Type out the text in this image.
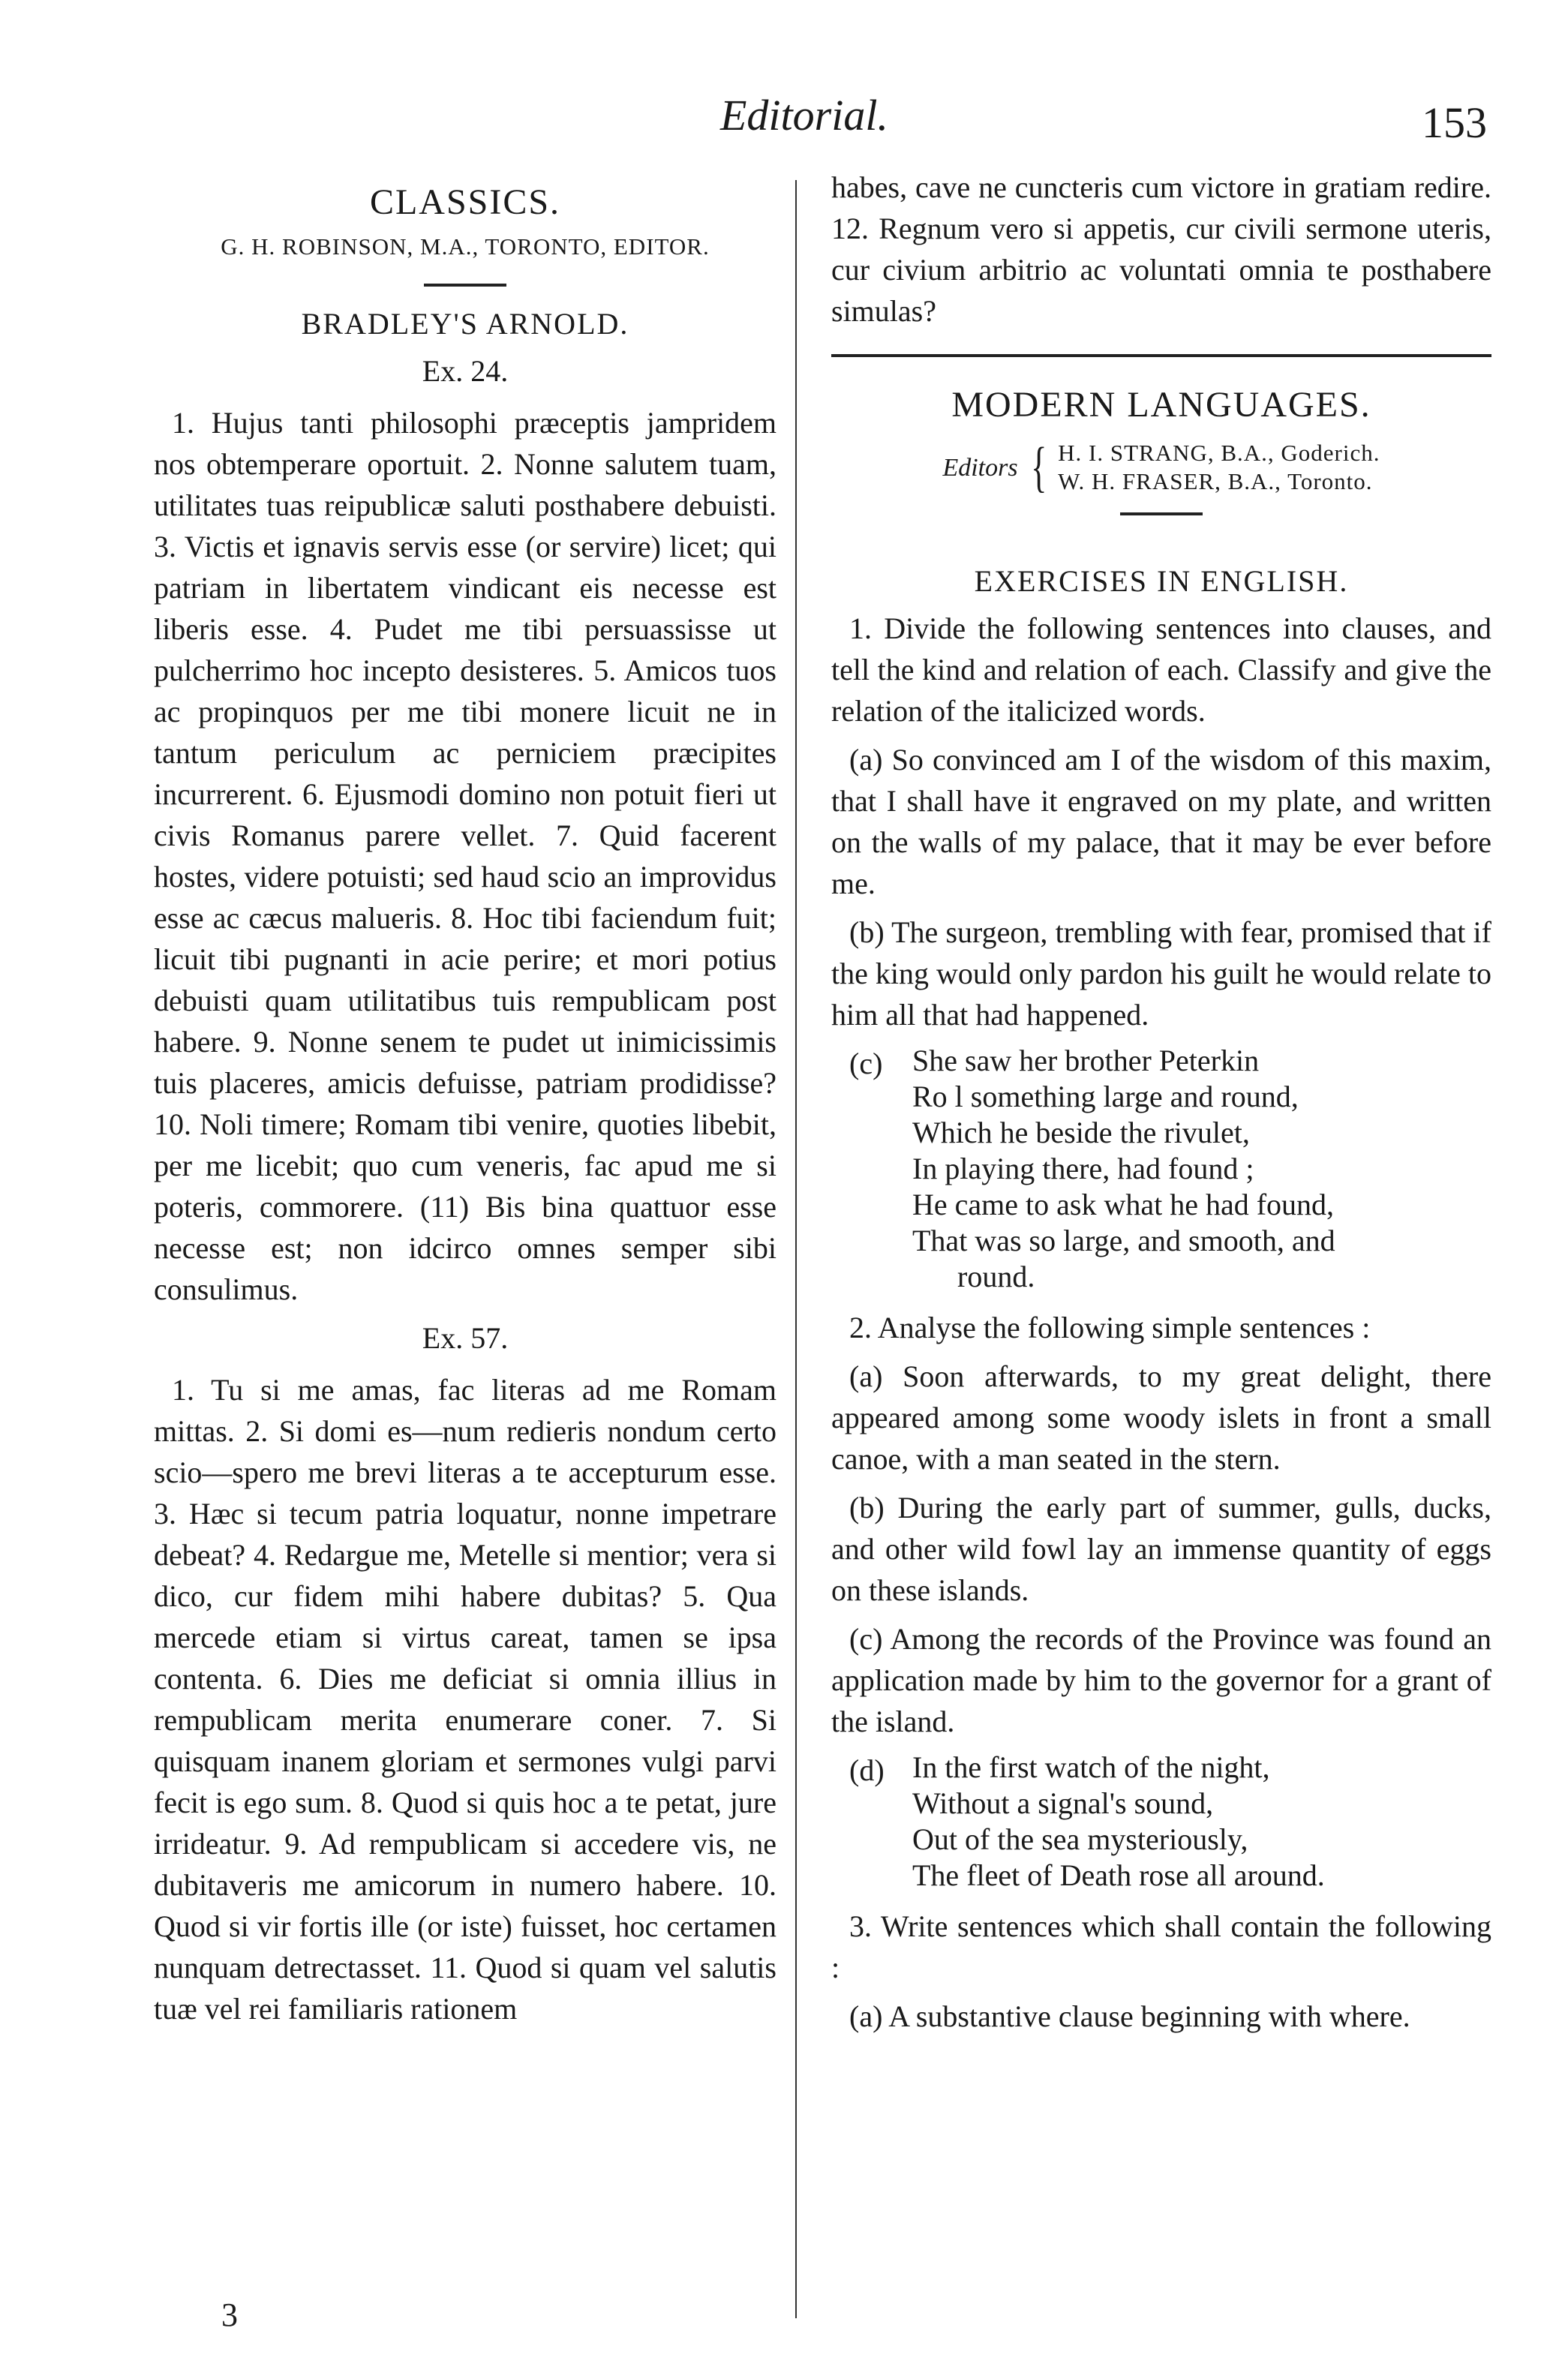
Editorial.	153
CLASSICS.
G. H. ROBINSON, M.A., TORONTO, EDITOR.
BRADLEY'S ARNOLD.
Ex. 24.

1. Hujus tanti philosophi præceptis jampridem nos obtemperare oportuit. 2. Nonne salutem tuam, utilitates tuas reipublicæ saluti posthabere debuisti. 3. Victis et ignavis servis esse (or servire) licet; qui patriam in libertatem vindicant eis necesse est liberis esse. 4. Pudet me tibi persuassisse ut pulcherrimo hoc incepto desisteres. 5. Amicos tuos ac propinquos per me tibi monere licuit ne in tantum periculum ac perniciem præcipites incurrerent. 6. Ejusmodi domino non potuit fieri ut civis Romanus parere vellet. 7. Quid facerent hostes, videre potuisti; sed haud scio an improvidus esse ac cæcus maluеris. 8. Hoc tibi faciendum fuit; licuit tibi pugnanti in acie perire; et mori potius debuisti quam utilitatibus tuis rempublicam post habere. 9. Nonne senem te pudet ut inimicissimis tuis placeres, amicis defuisse, patriam prodidisse? 10. Noli timere; Romam tibi venire, quoties libebit, per me licebit; quo cum veneris, fac apud me si poteris, commorere. (11) Bis bina quattuor esse necesse est; non idcirco omnes semper sibi consulimus.

Ex. 57.

1. Tu si me amas, fac literas ad me Romam mittas. 2. Si domi es—num redieris nondum certo scio—spero me brevi literas a te accepturum esse. 3. Hæc si tecum patria loquatur, nonne impetrare debeat? 4. Redargue me, Metelle si mentior; vera si dico, cur fidem mihi habere dubitas? 5. Qua mercede etiam si virtus careat, tamen se ipsa contenta. 6. Dies me deficiat si omnia illius in rempublicam merita enumerare coner. 7. Si quisquam inanem gloriam et sermones vulgi parvi fecit is ego sum. 8. Quod si quis hoc a te petat, jure irrideatur. 9. Ad rempublicam si accedere vis, ne dubitaveris me amicorum in numero habere. 10. Quod si vir fortis ille (or iste) fuisset, hoc certamen nunquam detrectasset. 11. Quod si quam vel salutis tuæ vel rei familiaris rationem

habes, cave ne cuncteris cum victore in gratiam redire. 12. Regnum vero si appetis, cur civili sermone uteris, cur civium arbitrio ac voluntati omnia te posthabere simulas?

MODERN LANGUAGES.
Editors { H. I. STRANG, B.A., Goderich.
W. H. FRASER, B.A., Toronto.
EXERCISES IN ENGLISH.

1. Divide the following sentences into clauses, and tell the kind and relation of each. Classify and give the relation of the italicized words.

(a) So convinced am I of the wisdom of this maxim, that I shall have it engraved on my plate, and written on the walls of my palace, that it may be ever before me.

(b) The surgeon, trembling with fear, promised that if the king would only pardon his guilt he would relate to him all that had happened.

(c) She saw her brother Peterkin
Ro l something large and round,
Which he beside the rivulet,
In playing there, had found ;
He came to ask what he had found,
That was so large, and smooth, and
round.

2. Analyse the following simple sentences :

(a) Soon afterwards, to my great delight, there appeared among some woody islets in front a small canoe, with a man seated in the stern.

(b) During the early part of summer, gulls, ducks, and other wild fowl lay an immense quantity of eggs on these islands.

(c) Among the records of the Province was found an application made by him to the governor for a grant of the island.

(d) In the first watch of the night,
Without a signal's sound,
Out of the sea mysteriously,
The fleet of Death rose all around.

3. Write sentences which shall contain the following :

(a) A substantive clause beginning with where.

3
